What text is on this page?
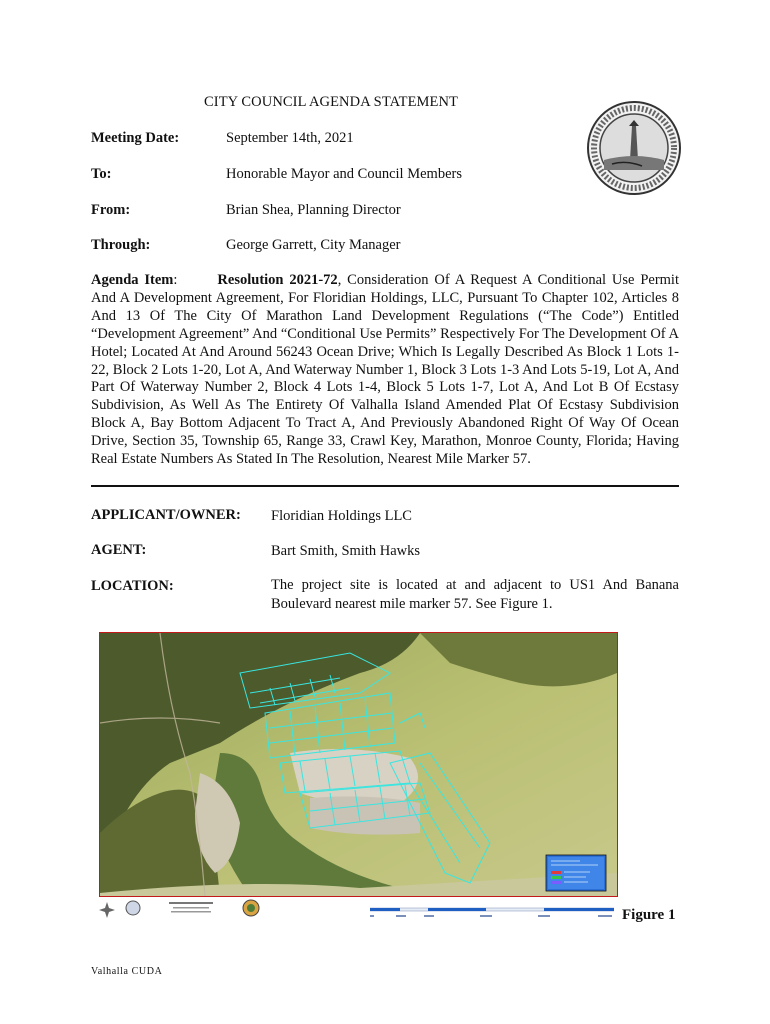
CITY COUNCIL AGENDA STATEMENT
Meeting Date:	September 14th, 2021
To:	Honorable Mayor and Council Members
From:	Brian Shea, Planning Director
Through:	George Garrett, City Manager
Agenda Item:	Resolution 2021-72, Consideration Of A Request A Conditional Use Permit And A Development Agreement, For Floridian Holdings, LLC, Pursuant To Chapter 102, Articles 8 And 13 Of The City Of Marathon Land Development Regulations (“The Code”) Entitled “Development Agreement” And “Conditional Use Permits” Respectively For The Development Of A Hotel; Located At And Around 56243 Ocean Drive; Which Is Legally Described As Block 1 Lots 1-22, Block 2 Lots 1-20, Lot A, And Waterway Number 1, Block 3 Lots 1-3 And Lots 5-19, Lot A, And Part Of Waterway Number 2, Block 4 Lots 1-4, Block 5 Lots 1-7, Lot A, And Lot B Of Ecstasy Subdivision, As Well As The Entirety Of Valhalla Island Amended Plat Of Ecstasy Subdivision Block A, Bay Bottom Adjacent To Tract A, And Previously Abandoned Right Of Way Of Ocean Drive, Section 35, Township 65, Range 33, Crawl Key, Marathon, Monroe County, Florida; Having Real Estate Numbers As Stated In The Resolution, Nearest Mile Marker 57.
APPLICANT/OWNER: Floridian Holdings LLC
AGENT:	Bart Smith, Smith Hawks
LOCATION:	The project site is located at and adjacent to US1 And Banana Boulevard nearest mile marker 57. See Figure 1.
Figure 1
Valhalla CUDA
